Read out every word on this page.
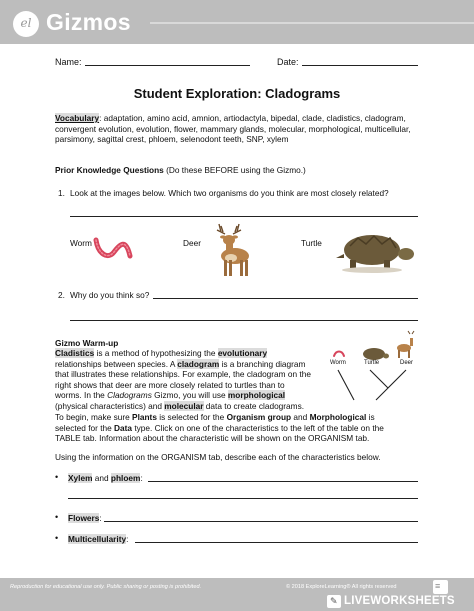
el Gizmos
Name:	Date:
Student Exploration: Cladograms
Vocabulary: adaptation, amino acid, amnion, artiodactyla, bipedal, clade, cladistics, cladogram, convergent evolution, evolution, flower, mammary glands, molecular, morphological, multicellular, parsimony, sagittal crest, phloem, selenodont teeth, SNP, xylem
Prior Knowledge Questions (Do these BEFORE using the Gizmo.)
1. Look at the images below. Which two organisms do you think are most closely related?
Worm	Deer	Turtle
2. Why do you think so?
Gizmo Warm-up
Cladistics is a method of hypothesizing the evolutionary
relationships between species. A cladogram is a branching diagram
that illustrates these relationships. For example, the cladogram on the
right shows that deer are more closely related to turtles than to
worms. In the Cladograms Gizmo, you will use morphological
(physical characteristics) and molecular data to create cladograms.
Worm	Turtle	Deer
To begin, make sure Plants is selected for the Organism group and Morphological is
selected for the Data type. Click on one of the characteristics to the left of the table on the
TABLE tab. Information about the characteristic will be shown on the ORGANISM tab.
Using the information on the ORGANISM tab, describe each of the characteristics below.
• Xylem and phloem:
• Flowers:
• Multicellularity:
Reproduction for educational use only. Public sharing or posting is prohibited.	© 2018 ExploreLearning® All rights reserved	≡
✎ LIVEWORKSHEETS
